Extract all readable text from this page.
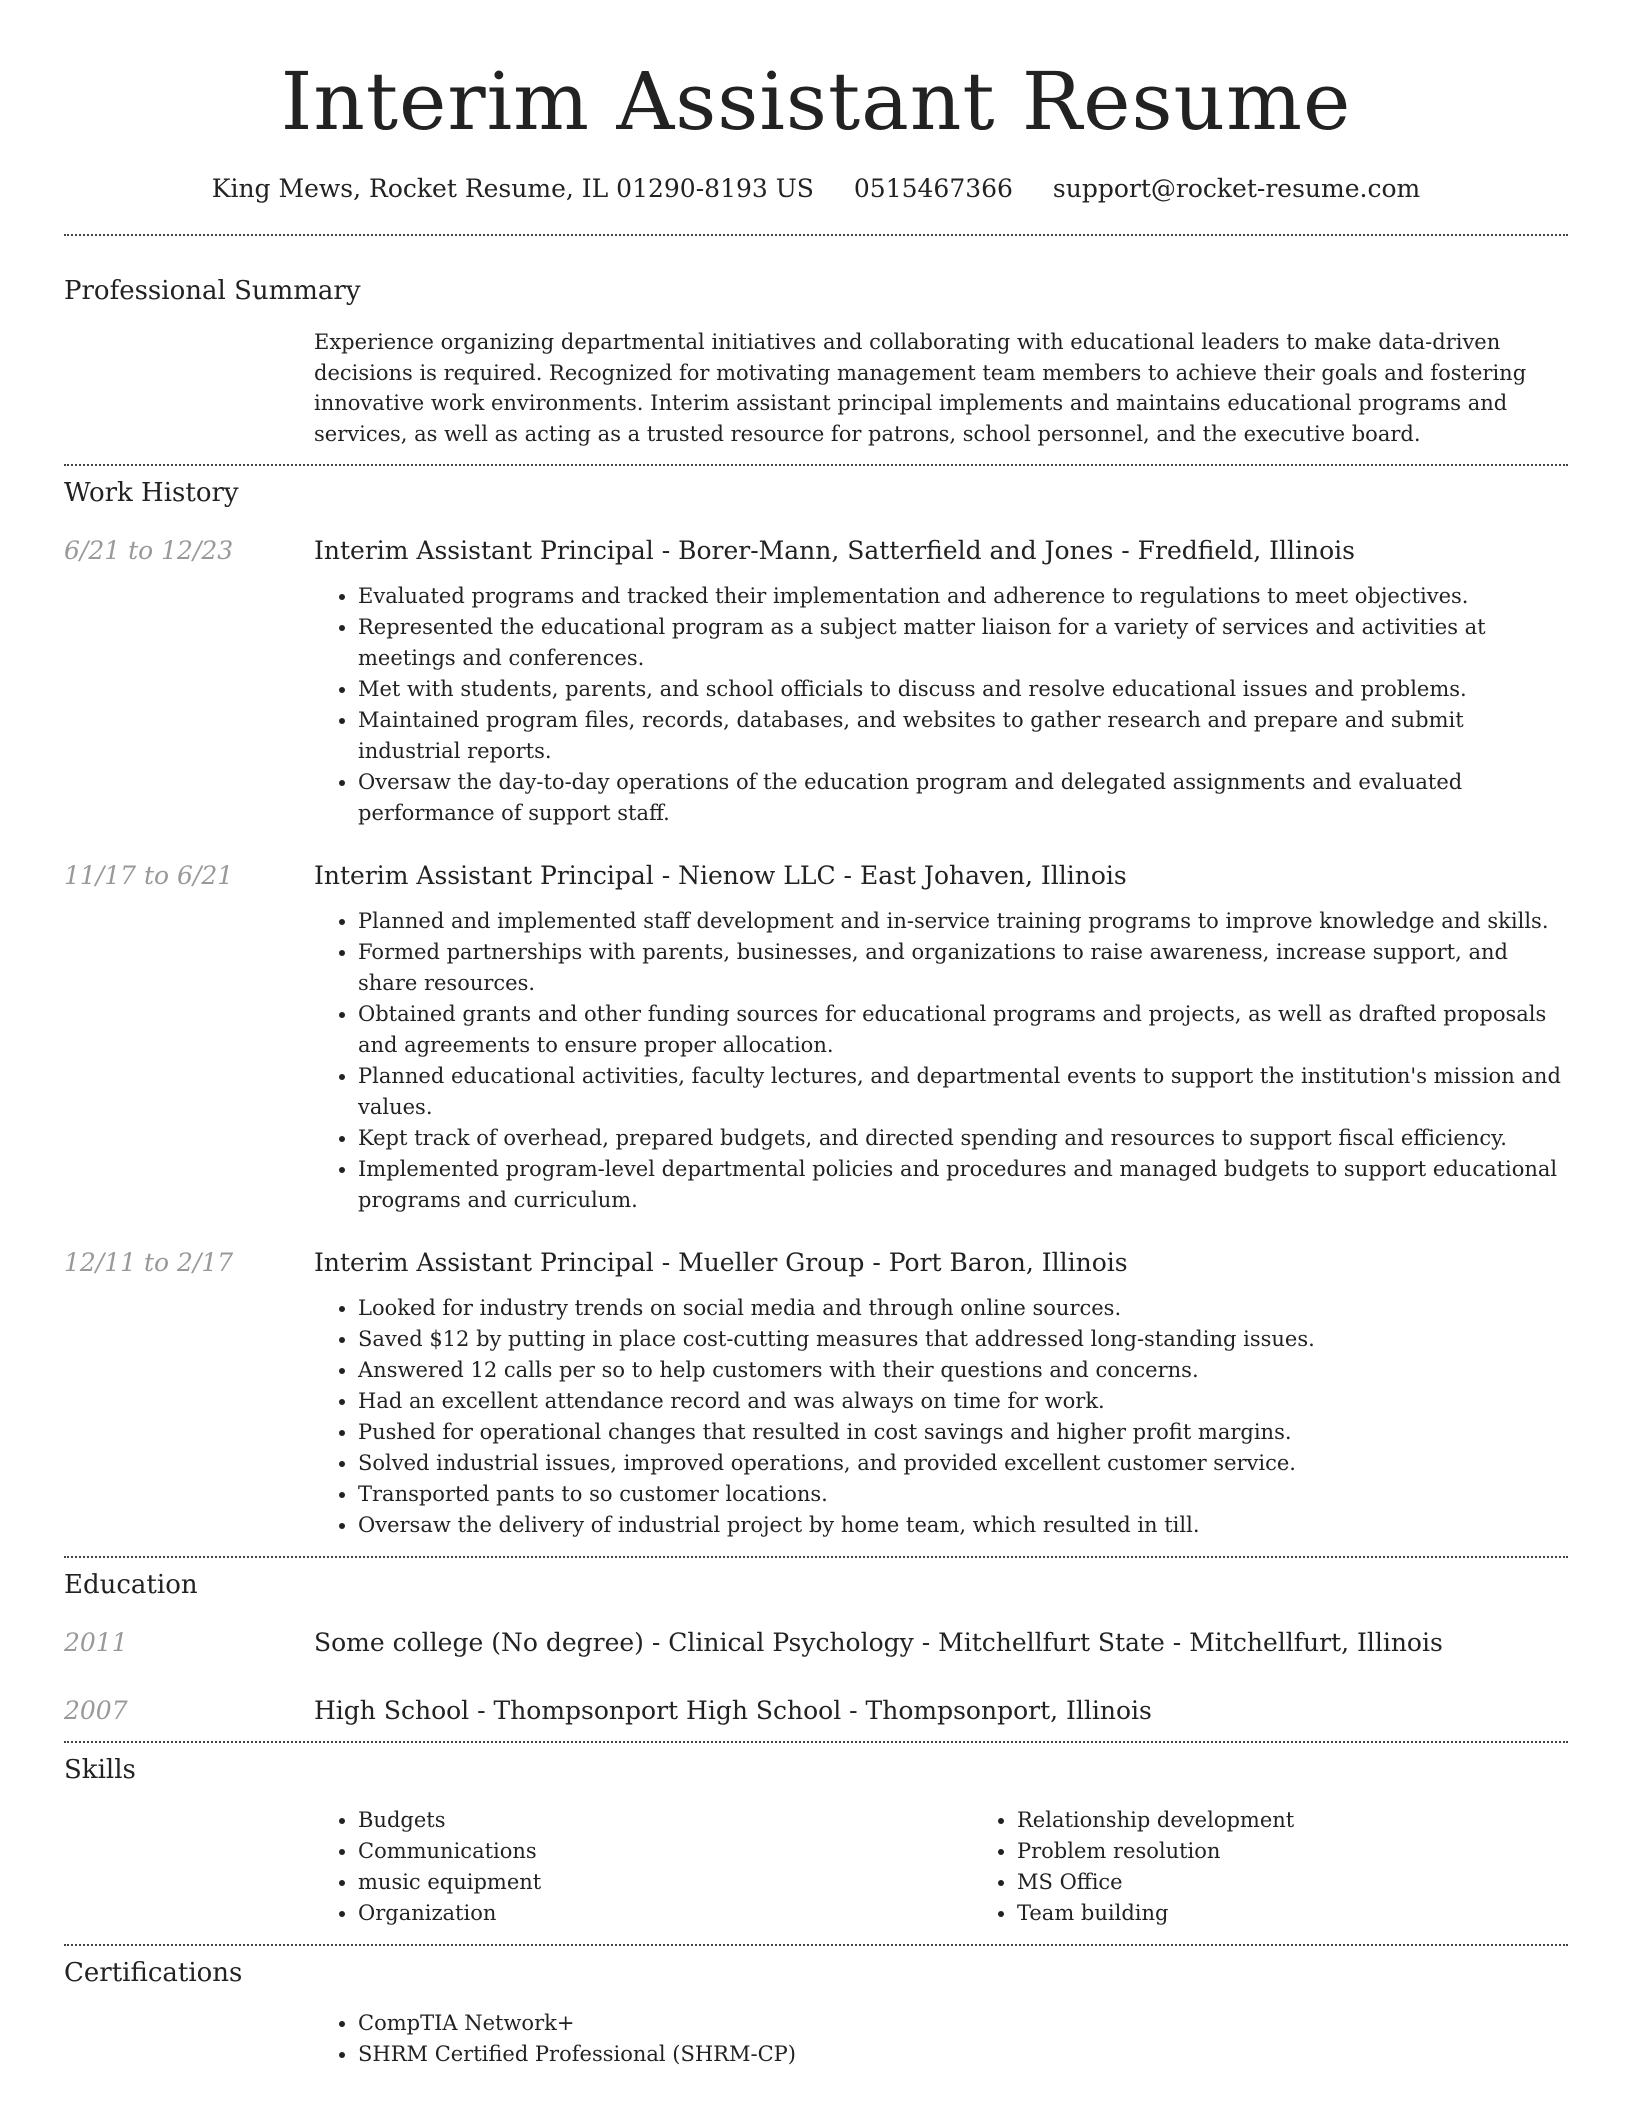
Interim Assistant Resume
King Mews, Rocket Resume, IL 01290-8193 US 0515467366 support@rocket-resume.com
Professional Summary

Experience organizing departmental initiatives and collaborating with educational leaders to make data-driven decisions is required. Recognized for motivating management team members to achieve their goals and fostering innovative work environments. Interim assistant principal implements and maintains educational programs and services, as well as acting as a trusted resource for patrons, school personnel, and the executive board.

Work History
6/21 to 12/23	Interim Assistant Principal - Borer-Mann, Satterfield and Jones - Fredfield, Illinois
• Evaluated programs and tracked their implementation and adherence to regulations to meet objectives.
• Represented the educational program as a subject matter liaison for a variety of services and activities at meetings and conferences.
• Met with students, parents, and school officials to discuss and resolve educational issues and problems.
• Maintained program files, records, databases, and websites to gather research and prepare and submit industrial reports.
• Oversaw the day-to-day operations of the education program and delegated assignments and evaluated performance of support staff.
11/17 to 6/21	Interim Assistant Principal - Nienow LLC - East Johaven, Illinois
• Planned and implemented staff development and in-service training programs to improve knowledge and skills.
• Formed partnerships with parents, businesses, and organizations to raise awareness, increase support, and share resources.
• Obtained grants and other funding sources for educational programs and projects, as well as drafted proposals and agreements to ensure proper allocation.
• Planned educational activities, faculty lectures, and departmental events to support the institution's mission and values.
• Kept track of overhead, prepared budgets, and directed spending and resources to support fiscal efficiency.
• Implemented program-level departmental policies and procedures and managed budgets to support educational programs and curriculum.
12/11 to 2/17	Interim Assistant Principal - Mueller Group - Port Baron, Illinois
• Looked for industry trends on social media and through online sources.
• Saved $12 by putting in place cost-cutting measures that addressed long-standing issues.
• Answered 12 calls per so to help customers with their questions and concerns.
• Had an excellent attendance record and was always on time for work.
• Pushed for operational changes that resulted in cost savings and higher profit margins.
• Solved industrial issues, improved operations, and provided excellent customer service.
• Transported pants to so customer locations.
• Oversaw the delivery of industrial project by home team, which resulted in till.
Education
2011	Some college (No degree) - Clinical Psychology - Mitchellfurt State - Mitchellfurt, Illinois
2007	High School - Thompsonport High School - Thompsonport, Illinois
Skills
• Budgets
• Communications
• music equipment
• Organization
• Relationship development
• Problem resolution
• MS Office
• Team building
Certifications
• CompTIA Network+
• SHRM Certified Professional (SHRM-CP)
